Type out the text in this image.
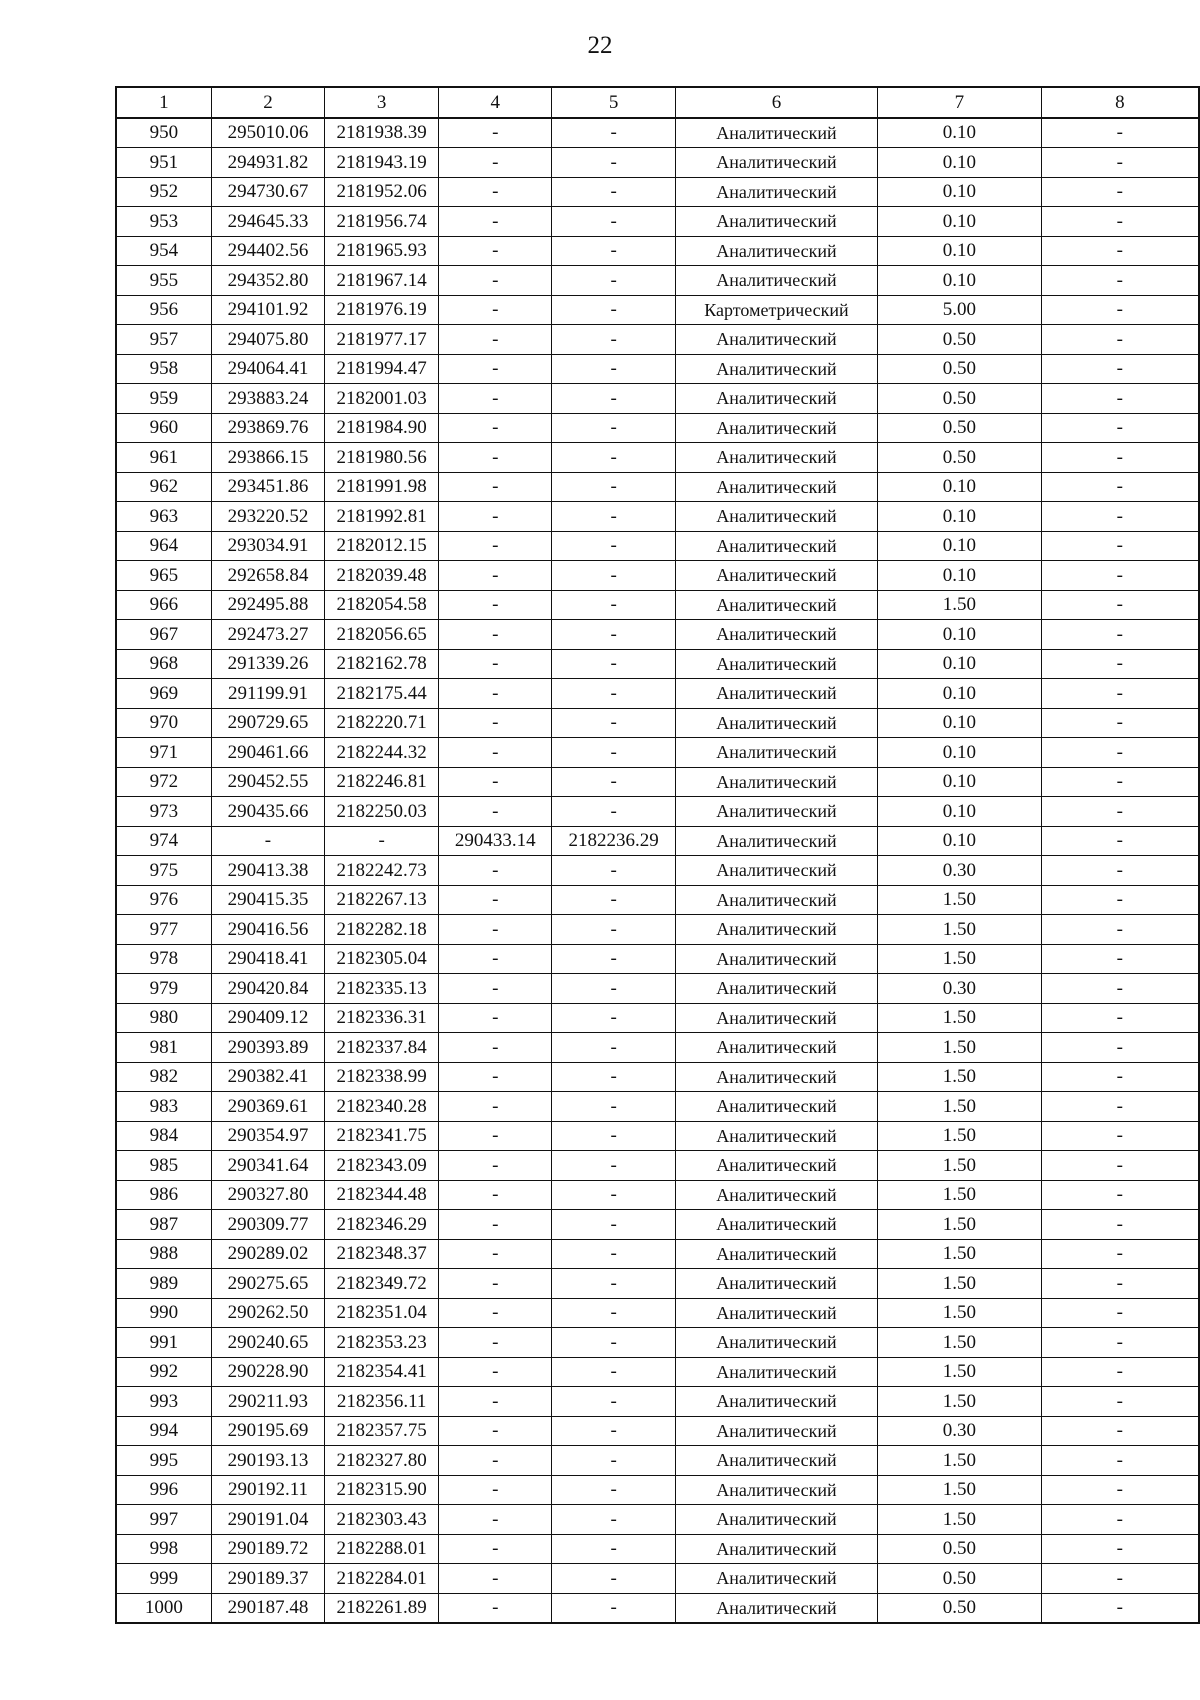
22
1	2	3	4	5	6	7	8
950	295010.06	2181938.39	-	-	Аналитический	0.10	-
951	294931.82	2181943.19	-	-	Аналитический	0.10	-
952	294730.67	2181952.06	-	-	Аналитический	0.10	-
953	294645.33	2181956.74	-	-	Аналитический	0.10	-
954	294402.56	2181965.93	-	-	Аналитический	0.10	-
955	294352.80	2181967.14	-	-	Аналитический	0.10	-
956	294101.92	2181976.19	-	-	Картометрический	5.00	-
957	294075.80	2181977.17	-	-	Аналитический	0.50	-
958	294064.41	2181994.47	-	-	Аналитический	0.50	-
959	293883.24	2182001.03	-	-	Аналитический	0.50	-
960	293869.76	2181984.90	-	-	Аналитический	0.50	-
961	293866.15	2181980.56	-	-	Аналитический	0.50	-
962	293451.86	2181991.98	-	-	Аналитический	0.10	-
963	293220.52	2181992.81	-	-	Аналитический	0.10	-
964	293034.91	2182012.15	-	-	Аналитический	0.10	-
965	292658.84	2182039.48	-	-	Аналитический	0.10	-
966	292495.88	2182054.58	-	-	Аналитический	1.50	-
967	292473.27	2182056.65	-	-	Аналитический	0.10	-
968	291339.26	2182162.78	-	-	Аналитический	0.10	-
969	291199.91	2182175.44	-	-	Аналитический	0.10	-
970	290729.65	2182220.71	-	-	Аналитический	0.10	-
971	290461.66	2182244.32	-	-	Аналитический	0.10	-
972	290452.55	2182246.81	-	-	Аналитический	0.10	-
973	290435.66	2182250.03	-	-	Аналитический	0.10	-
974	-	-	290433.14	2182236.29	Аналитический	0.10	-
975	290413.38	2182242.73	-	-	Аналитический	0.30	-
976	290415.35	2182267.13	-	-	Аналитический	1.50	-
977	290416.56	2182282.18	-	-	Аналитический	1.50	-
978	290418.41	2182305.04	-	-	Аналитический	1.50	-
979	290420.84	2182335.13	-	-	Аналитический	0.30	-
980	290409.12	2182336.31	-	-	Аналитический	1.50	-
981	290393.89	2182337.84	-	-	Аналитический	1.50	-
982	290382.41	2182338.99	-	-	Аналитический	1.50	-
983	290369.61	2182340.28	-	-	Аналитический	1.50	-
984	290354.97	2182341.75	-	-	Аналитический	1.50	-
985	290341.64	2182343.09	-	-	Аналитический	1.50	-
986	290327.80	2182344.48	-	-	Аналитический	1.50	-
987	290309.77	2182346.29	-	-	Аналитический	1.50	-
988	290289.02	2182348.37	-	-	Аналитический	1.50	-
989	290275.65	2182349.72	-	-	Аналитический	1.50	-
990	290262.50	2182351.04	-	-	Аналитический	1.50	-
991	290240.65	2182353.23	-	-	Аналитический	1.50	-
992	290228.90	2182354.41	-	-	Аналитический	1.50	-
993	290211.93	2182356.11	-	-	Аналитический	1.50	-
994	290195.69	2182357.75	-	-	Аналитический	0.30	-
995	290193.13	2182327.80	-	-	Аналитический	1.50	-
996	290192.11	2182315.90	-	-	Аналитический	1.50	-
997	290191.04	2182303.43	-	-	Аналитический	1.50	-
998	290189.72	2182288.01	-	-	Аналитический	0.50	-
999	290189.37	2182284.01	-	-	Аналитический	0.50	-
1000	290187.48	2182261.89	-	-	Аналитический	0.50	-
